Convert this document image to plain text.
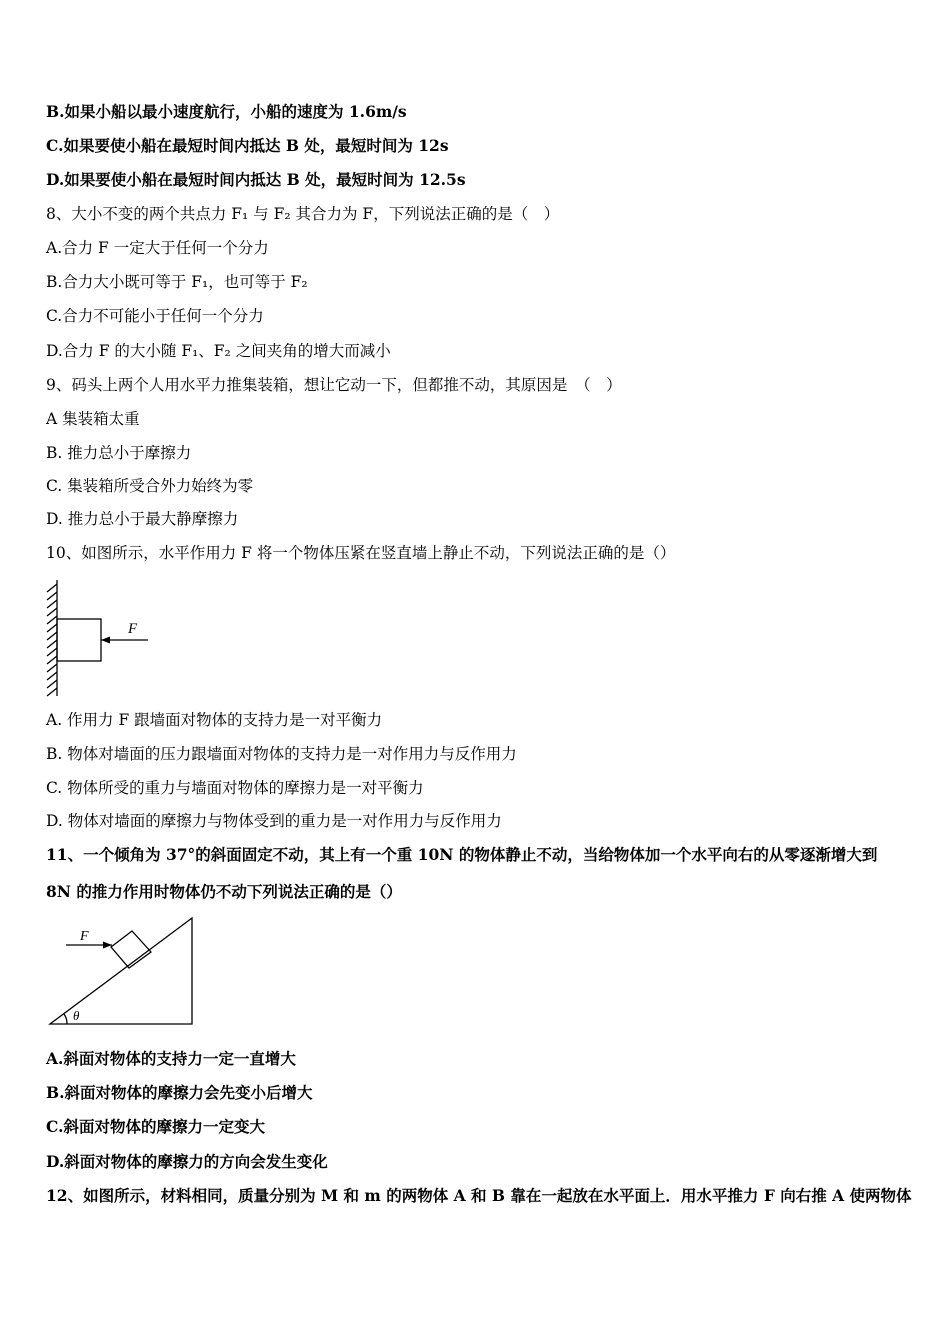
B.如果小船以最小速度航行，小船的速度为 1.6m/s
C.如果要使小船在最短时间内抵达 B 处，最短时间为 12s
D.如果要使小船在最短时间内抵达 B 处，最短时间为 12.5s
8、大小不变的两个共点力 F₁ 与 F₂ 其合力为 F，下列说法正确的是（　）
A.合力 F 一定大于任何一个分力
B.合力大小既可等于 F₁，也可等于 F₂
C.合力不可能小于任何一个分力
D.合力 F 的大小随 F₁、F₂ 之间夹角的增大而减小
9、码头上两个人用水平力推集装箱，想让它动一下，但都推不动，其原因是　（　）
A 集装箱太重
B. 推力总小于摩擦力
C. 集装箱所受合外力始终为零
D. 推力总小于最大静摩擦力
10、如图所示，水平作用力 F 将一个物体压紧在竖直墙上静止不动，下列说法正确的是（）
F
A. 作用力 F 跟墙面对物体的支持力是一对平衡力
B. 物体对墙面的压力跟墙面对物体的支持力是一对作用力与反作用力
C. 物体所受的重力与墙面对物体的摩擦力是一对平衡力
D. 物体对墙面的摩擦力与物体受到的重力是一对作用力与反作用力
11、一个倾角为 37°的斜面固定不动，其上有一个重 10N 的物体静止不动，当给物体加一个水平向右的从零逐渐增大到
8N 的推力作用时物体仍不动下列说法正确的是（）
F
θ
A.斜面对物体的支持力一定一直增大
B.斜面对物体的摩擦力会先变小后增大
C.斜面对物体的摩擦力一定变大
D.斜面对物体的摩擦力的方向会发生变化
12、如图所示，材料相同，质量分别为 M 和 m 的两物体 A 和 B 靠在一起放在水平面上．用水平推力 F 向右推 A 使两物体
